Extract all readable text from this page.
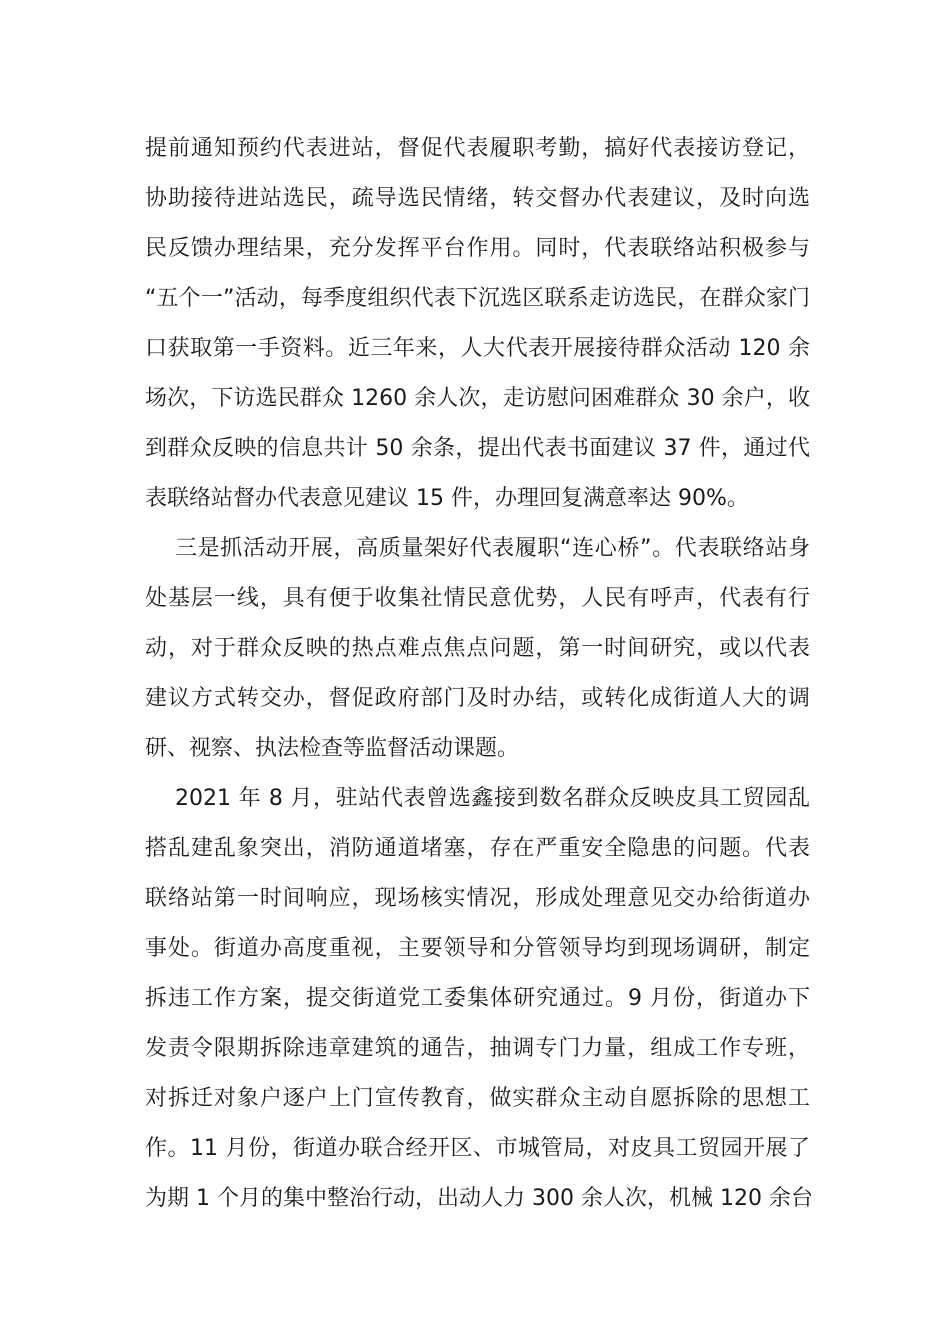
提前通知预约代表进站，督促代表履职考勤，搞好代表接访登记，
协助接待进站选民，疏导选民情绪，转交督办代表建议，及时向选
民反馈办理结果，充分发挥平台作用。同时，代表联络站积极参与
“五个一”活动，每季度组织代表下沉选区联系走访选民，在群众家门
口获取第一手资料。近三年来，人大代表开展接待群众活动 120 余
场次，下访选民群众 1260 余人次，走访慰问困难群众 30 余户，收
到群众反映的信息共计 50 余条，提出代表书面建议 37 件，通过代
表联络站督办代表意见建议 15 件，办理回复满意率达 90%。
三是抓活动开展，高质量架好代表履职“连心桥”。代表联络站身
处基层一线，具有便于收集社情民意优势，人民有呼声，代表有行
动，对于群众反映的热点难点焦点问题，第一时间研究，或以代表
建议方式转交办，督促政府部门及时办结，或转化成街道人大的调
研、视察、执法检查等监督活动课题。
2021 年 8 月，驻站代表曾选鑫接到数名群众反映皮具工贸园乱
搭乱建乱象突出，消防通道堵塞，存在严重安全隐患的问题。代表
联络站第一时间响应，现场核实情况，形成处理意见交办给街道办
事处。街道办高度重视，主要领导和分管领导均到现场调研，制定
拆违工作方案，提交街道党工委集体研究通过。9 月份，街道办下
发责令限期拆除违章建筑的通告，抽调专门力量，组成工作专班，
对拆迁对象户逐户上门宣传教育，做实群众主动自愿拆除的思想工
作。11 月份，街道办联合经开区、市城管局，对皮具工贸园开展了
为期 1 个月的集中整治行动，出动人力 300 余人次，机械 120 余台
